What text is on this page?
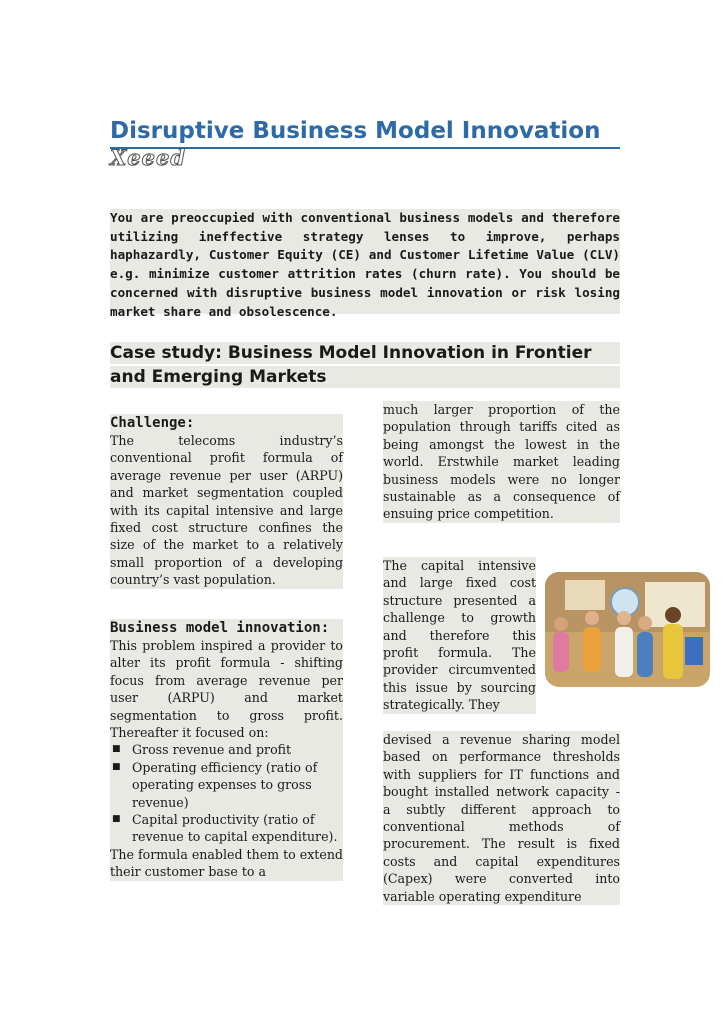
Disruptive Business Model Innovation
Xeeed
You are preoccupied with conventional business models and therefore utilizing ineffective strategy lenses to improve, perhaps haphazardly, Customer Equity (CE) and Customer Lifetime Value (CLV) e.g. minimize customer attrition rates (churn rate). You should be concerned with disruptive business model innovation or risk losing market share and obsolescence.
Case study: Business Model Innovation in Frontier
and Emerging Markets
Challenge:
The telecoms industry’s conventional profit formula of average revenue per user (ARPU) and market segmentation coupled with its capital intensive and large fixed cost structure confines the size of the market to a relatively small proportion of a developing country’s vast population.
Business model innovation:
This problem inspired a provider to alter its profit formula - shifting focus from average revenue per user (ARPU) and market segmentation to gross profit. Thereafter it focused on:
■ Gross revenue and profit
■ Operating efficiency (ratio of operating expenses to gross revenue)
■ Capital productivity (ratio of revenue to capital expenditure).
The formula enabled them to extend their customer base to a
much larger proportion of the population through tariffs cited as being amongst the lowest in the world. Erstwhile market leading business models were no longer sustainable as a consequence of ensuing price competition.
The capital intensive and large fixed cost structure presented a challenge to growth and therefore this profit formula. The provider circumvented this issue by sourcing strategically. They
devised a revenue sharing model based on performance thresholds with suppliers for IT functions and bought installed network capacity - a subtly different approach to conventional methods of procurement. The result is fixed costs and capital expenditures (Capex) were converted into variable operating expenditure
